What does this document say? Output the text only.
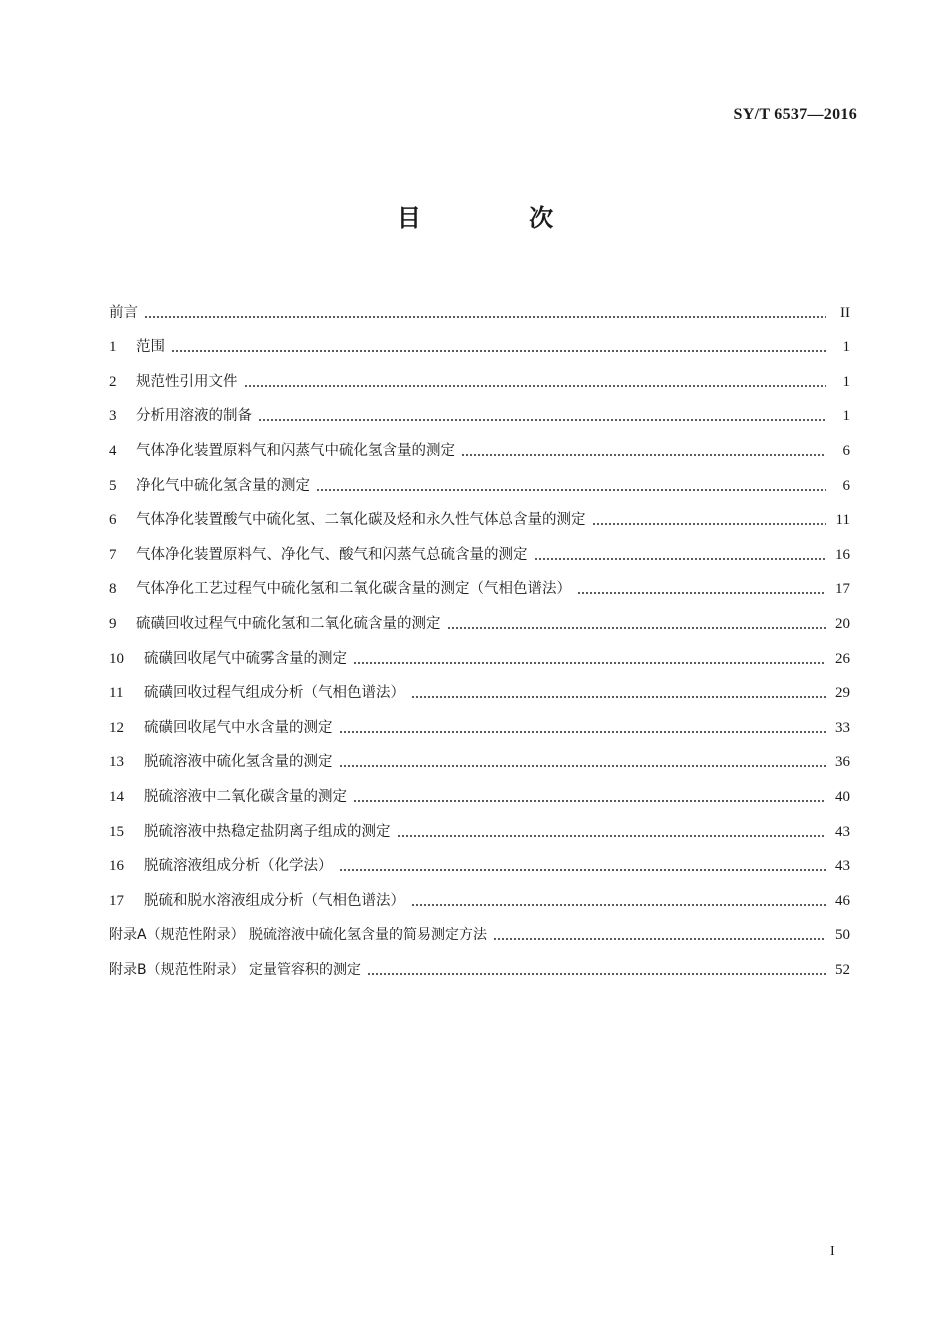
SY/T 6537—2016
目 次
前言	II
1	范围	1
2	规范性引用文件	1
3	分析用溶液的制备	1
4	气体净化装置原料气和闪蒸气中硫化氢含量的测定	6
5	净化气中硫化氢含量的测定	6
6	气体净化装置酸气中硫化氢、二氧化碳及烃和永久性气体总含量的测定	11
7	气体净化装置原料气、净化气、酸气和闪蒸气总硫含量的测定	16
8	气体净化工艺过程气中硫化氢和二氧化碳含量的测定（气相色谱法）	17
9	硫磺回收过程气中硫化氢和二氧化硫含量的测定	20
10	硫磺回收尾气中硫雾含量的测定	26
11	硫磺回收过程气组成分析（气相色谱法）	29
12	硫磺回收尾气中水含量的测定	33
13	脱硫溶液中硫化氢含量的测定	36
14	脱硫溶液中二氧化碳含量的测定	40
15	脱硫溶液中热稳定盐阴离子组成的测定	43
16	脱硫溶液组成分析（化学法）	43
17	脱硫和脱水溶液组成分析（气相色谱法）	46
附录A（规范性附录） 脱硫溶液中硫化氢含量的简易测定方法	50
附录B（规范性附录） 定量管容积的测定	52
I
